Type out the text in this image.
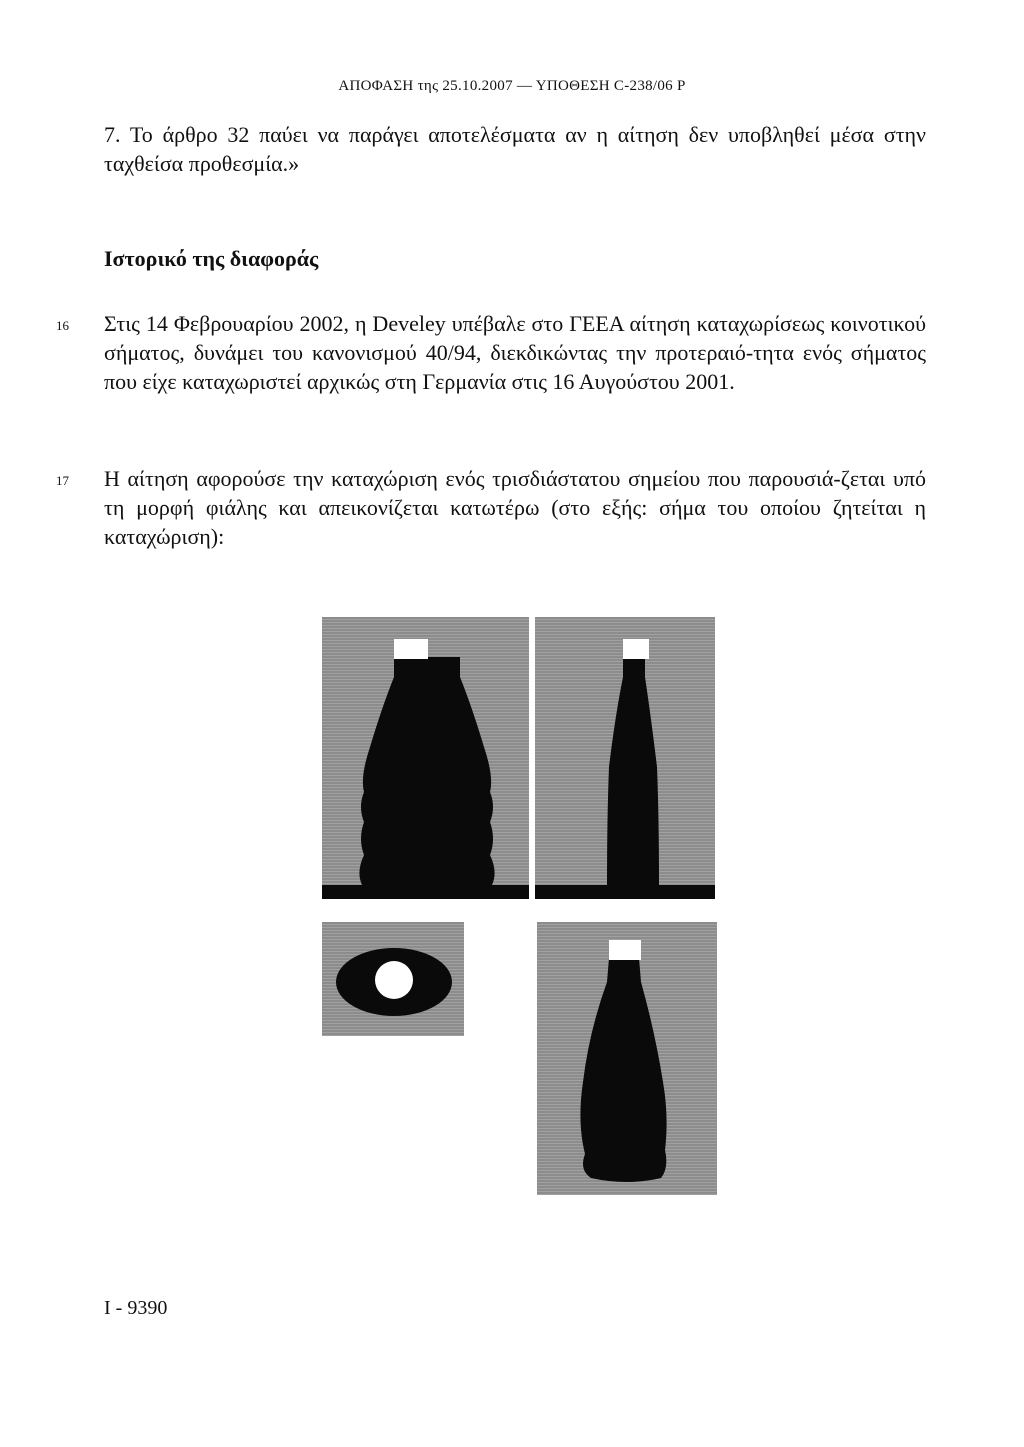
ΑΠΟΦΑΣΗ της 25.10.2007 — ΥΠΟΘΕΣΗ C-238/06 P
7. Το άρθρο 32 παύει να παράγει αποτελέσματα αν η αίτηση δεν υποβληθεί μέσα στην ταχθείσα προθεσμία.»
Ιστορικό της διαφοράς
16 Στις 14 Φεβρουαρίου 2002, η Develey υπέβαλε στο ΓΕΕΑ αίτηση καταχωρίσεως κοινοτικού σήματος, δυνάμει του κανονισμού 40/94, διεκδικώντας την προτεραιό-τητα ενός σήματος που είχε καταχωριστεί αρχικώς στη Γερμανία στις 16 Αυγούστου 2001.
17 Η αίτηση αφορούσε την καταχώριση ενός τρισδιάστατου σημείου που παρουσιά-ζεται υπό τη μορφή φιάλης και απεικονίζεται κατωτέρω (στο εξής: σήμα του οποίου ζητείται η καταχώριση):
I - 9390
